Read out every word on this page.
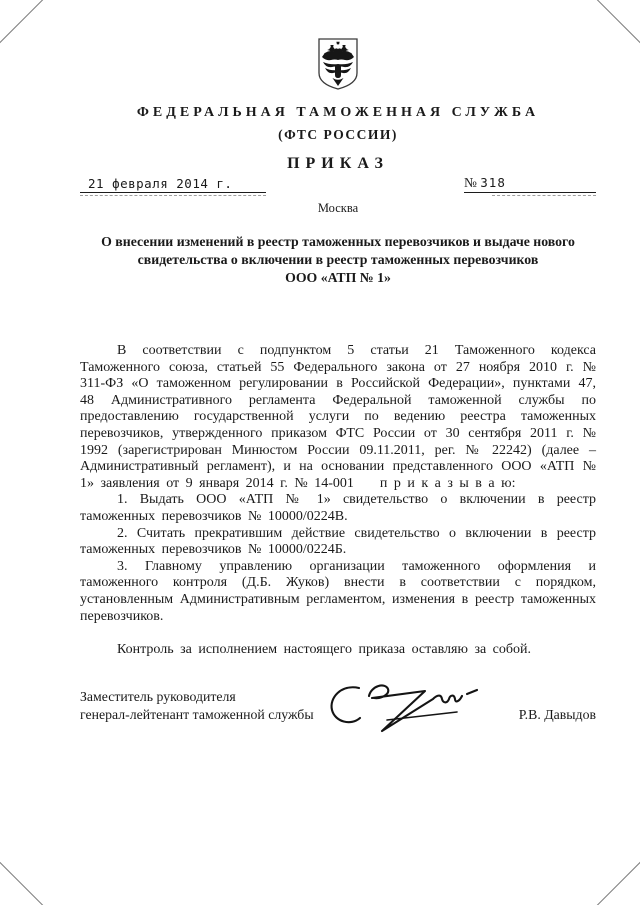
ФЕДЕРАЛЬНАЯ ТАМОЖЕННАЯ СЛУЖБА
(ФТС РОССИИ)
ПРИКАЗ
21 февраля 2014 г.	№ 318
Москва
О внесении изменений в реестр таможенных перевозчиков и выдаче нового
свидетельства о включении в реестр таможенных перевозчиков
ООО «АТП № 1»

В соответствии с подпунктом 5 статьи 21 Таможенного кодекса Таможенного союза, статьей 55 Федерального закона от 27 ноября 2010 г. № 311-ФЗ «О таможенном регулировании в Российской Федерации», пунктами 47, 48 Административного регламента Федеральной таможенной службы по предоставлению государственной услуги по ведению реестра таможенных перевозчиков, утвержденного приказом ФТС России от 30 сентября 2011 г. № 1992 (зарегистрирован Минюстом России 09.11.2011, рег. № 22242) (далее – Административный регламент), и на основании представленного ООО «АТП № 1» заявления от 9 января 2014 г. № 14-001    п р и к а з ы в а ю:

1. Выдать ООО «АТП № 1» свидетельство о включении в реестр таможенных перевозчиков № 10000/0224В.

2. Считать прекратившим действие свидетельство о включении в реестр таможенных перевозчиков № 10000/0224Б.

3. Главному управлению организации таможенного оформления и таможенного контроля (Д.Б. Жуков) внести в соответствии с порядком, установленным Административным регламентом, изменения в реестр таможенных перевозчиков.

Контроль за исполнением настоящего приказа оставляю за собой.

Заместитель руководителя
генерал-лейтенант таможенной службы	Р.В. Давыдов
